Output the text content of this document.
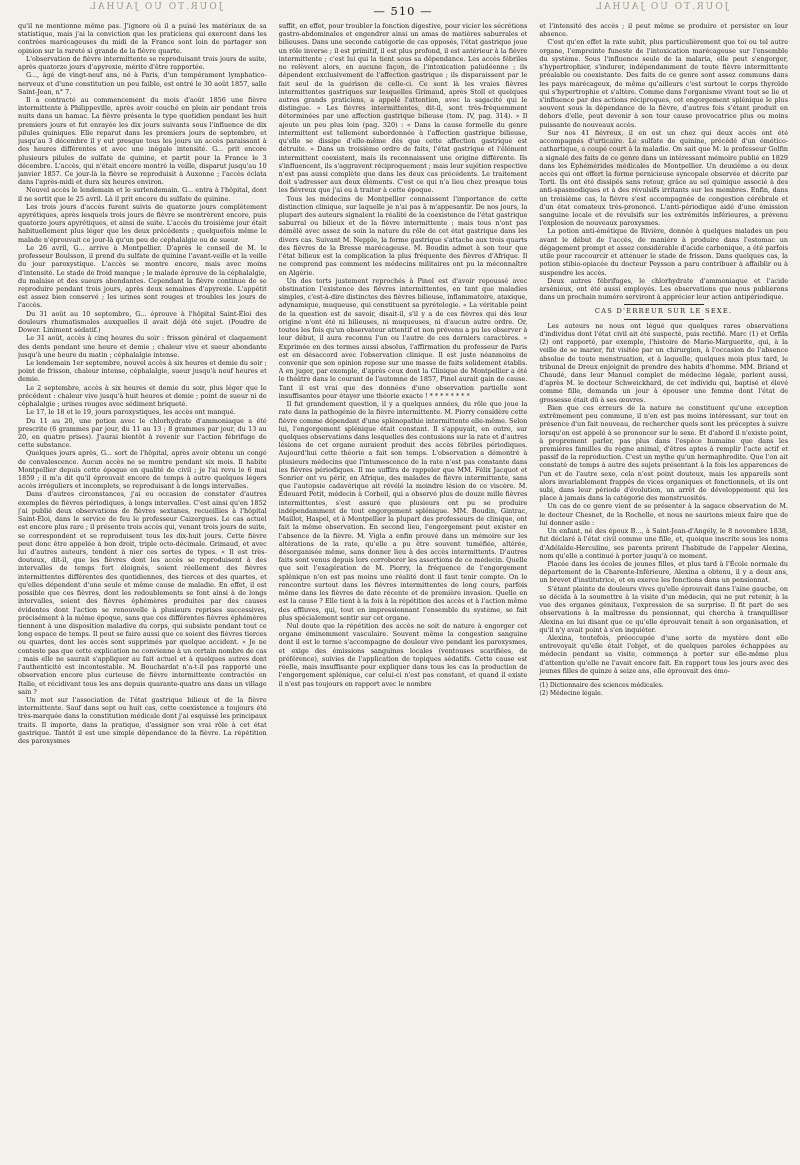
JOUR.TO UO JAUHAL	— 510 —	JOUR.TO UO JAUHAL

qu'il ne mentionne même pas. J'ignore où il a puisé les matériaux de sa statistique, mais j'ai la conviction que les praticiens qui exercent dans les contrées marécageuses du midi de la France sont loin de partager son opinion sur la rareté si grande de la fièvre quarte.

L'observation de fièvre intermittente se reproduisant trois jours de suite, après quatorze jours d'apyrexie, mérite d'être rapportée.

G..., âgé de vingt-neuf ans, né à Paris, d'un tempérament lymphatico-nerveux et d'une constitution un peu faible, est entré le 30 août 1857, salle Saint-Jean, n° 7.

Il a contracté au commencement du mois d'août 1856 une fièvre intermittente à Philippeville, après avoir couché en plein air pendant trois nuits dans un hamac. La fièvre présenta le type quotidien pendant les huit premiers jours et fut enrayée les dix jours suivants sous l'influence de dix pilules quiniques. Elle reparut dans les premiers jours de septembre, et jusqu'au 3 décembre il y eut presque tous les jours un accès paraissant à des heures différentes et avec une inégale intensité. G... prit encore plusieurs pilules de sulfate de quinine, et partit pour la France le 3 décembre. L'accès, qui n'était encore montré la veille, disparut jusqu'au 10 janvier 1857. Ce jour-là la fièvre se reproduisit à Auxonne ; l'accès éclata dans l'après-midi et dura six heures environ.

Nouvel accès le lendemain et le surlendemain. G... entra à l'hôpital, dont il ne sortit que le 25 avril. Là il prit encore du sulfate de quinine.

Les trois jours d'accès furent suivis de quatorze jours complètement apyrétiques, après lesquels trois jours de fièvre se montrèrent encore, puis quatorze jours apyrétiques, et ainsi de suite. L'accès du troisième jour était habituellement plus léger que les deux précédents ; quelquefois même le malade n'éprouvait ce jour-là qu'un peu de céphalalgie ou de sueur.

Le 26 avril, G... arrive à Montpellier. D'après le conseil de M. le professeur Boulsson, il prend du sulfate de quinine l'avant-veille et la veille du jour paroxystique. L'accès se montre encore, mais avec moins d'intensité. Le stade de froid manque ; le malade éprouve de la céphalalgie, du malaise et des sueurs abondantes. Cependant la fièvre continue de se reproduire pendant trois jours, après deux semaines d'apyrexie. L'appétit est assez bien conservé ; les urines sont rouges et troubles les jours de l'accès.

Du 31 août au 10 septembre, G... éprouve à l'hôpital Saint-Éloi des douleurs rhumatismales auxquelles il avait déjà été sujet. (Poudre de Dower. Liniment sédatif.)

Le 31 août, accès à cinq heures du soir : frisson général et claquement des dents pendant une heure et demie ; chaleur vive et sueur abondante jusqu'à une heure du matin ; céphalalgie intense.

Le lendemain 1er septembre, nouvel accès à six heures et demie du soir ; point de frisson, chaleur intense, céphalalgie, sueur jusqu'à neuf heures et demie.

Le 2 septembre, accès à six heures et demie du soir, plus léger que le précédent : chaleur vive jusqu'à huit heures et demie ; point de sueur ni de céphalalgie ; urines rouges avec sédiment briqueté.

Le 17, le 18 et le 19, jours paroxystiques, les accès ont manqué.

Du 11 au 20, une potion avec le chlorhydrate d'ammoniaque a été prescrite (6 grammes par jour, du 11 au 13 ; 8 grammes par jour, du 13 au 20, en quatre prises). J'aurai bientôt à revenir sur l'action fébrifuge de cette substance.

Quelques jours après, G... sort de l'hôpital, après avoir obtenu un congé de convalescence. Aucun accès ne se montre pendant six mois. Il habite Montpellier depuis cette époque en qualité de civil ; je l'ai revu le 6 mai 1859 ; il m'a dit qu'il éprouvait encore de temps à autre quelques légers accès irréguliers et incomplets, se reproduisant à de longs intervalles.

Dans d'autres circonstances, j'ai eu occasion de constater d'autres exemples de fièvres périodiques, à longs intervalles. C'est ainsi qu'en 1852 j'ai publié deux observations de fièvres sextanes, recueillies à l'hôpital Saint-Éloi, dans le service de feu le professeur Caizergues. Le cas actuel est encore plus rare ; il présente trois accès qui, venant trois jours de suite, se correspondent et se reproduisent tous les dix-huit jours. Cette fièvre peut donc être appelée à bon droit, triple octo-décimale. Grimaud, et avec lui d'autres auteurs, tendent à nier ces sortes de types. « Il est très-douteux, dit-il, que les fièvres dont les accès se reproduisent à des intervalles de temps fort éloignés, soient réellement des fièvres intermittentes différentes des quotidiennes, des tierces et des quartes, et qu'elles dépendent d'une seule et même cause de maladie. En effet, il est possible que ces fièvres, dont les redoublements se font ainsi à de longs intervalles, soient des fièvres éphémères produites par des causes évidentes dont l'action se renouvelle à plusieurs reprises successives, précisément à la même époque, sans que ces différentes fièvres éphémères tiennent à une disposition maladive du corps, qui subsiste pendant tout ce long espace de temps. Il peut se faire aussi que ce soient des fièvres tierces ou quartes, dont les accès sont supprimés par quelque accident. » Je ne conteste pas que cette explication ne convienne à un certain nombre de cas ; mais elle ne saurait s'appliquer au fait actuel et à quelques autres dont l'authenticité est incontestable. M. Bouchardat n'a-t-il pas rapporté une observation encore plus curieuse de fièvre intermittente contractée en Italie, et récidivant tous les ans depuis quarante-quatre ans dans un village sain ?

Un mot sur l'association de l'état gastrique bilieux et de la fièvre intermittente. Sauf dans sept ou huit cas, cette coexistence a toujours été très-marquée dans la constitution médicale dont j'ai esquissé les principaux traits. Il importe, dans la pratique, d'assigner son vrai rôle à cet état gastrique. Tantôt il est une simple dépendance de la fièvre. La répétition des paroxysmes

suffit, en effet, pour troubler la fonction digestive, pour vicier les sécrétions gastro-abdominales et engendrer ainsi un amas de matières saburrales et bilieuses. Dans une seconde catégorie de cas opposés, l'état gastrique joue un rôle inverse ; il est primitif, il est plus profond, il est antérieur à la fièvre intermittente ; c'est lui qui la tient sous sa dépendance. Les accès fébriles ne relèvent alors, en aucune façon, de l'intoxication paludéenne ; ils dépendent exclusivement de l'affection gastrique ; ils disparaissent par le fait seul de la guérison de celle-ci. Ce sont là les vraies fièvres intermittentes gastriques sur lesquelles Grimaud, après Stoll et quelques autres grands praticiens, a appelé l'attention, avec la sagacité qui le distingue. « Les fièvres intermittentes, dit-il, sont très-fréquemment déterminées par une affection gastrique bilieuse (tom. IV, pag. 314). » Il ajoute un peu plus loin (pag. 320) : « Dans la cause formelle du genre intermittent est tellement subordonnée à l'affection gastrique bilieuse, qu'elle se dissipe d'elle-même dès que cette affection gastrique est détruite. » Dans un troisième ordre de faits, l'état gastrique et l'élément intermittent coexistent, mais ils reconnaissent une origine différente. Ils s'influencent, ils s'aggravent réciproquement ; mais leur sujétion respective n'est pas aussi complète que dans les deux cas précédents. Le traitement doit s'adresser aux deux éléments. C'est ce qui n'a lieu chez presque tous les fiévreux que j'ai eu à traiter à cette époque.

Tous les médecins de Montpellier connaissent l'importance de cette distinction clinique, sur laquelle je n'ai pas à m'appesantir. De nos jours, la plupart des auteurs signalent la réalité de la coexistence de l'état gastrique saburral ou bilieux et de la fièvre intermittente ; mais tous n'ont pas démêlé avec assez de soin la nature du rôle de cet état gastrique dans les divers cas. Suivant M. Nepple, la forme gastrique s'attache aux trois quarts des fièvres de la Bresse marécageuse. M. Boudin admet à son tour que l'état bilieux est la complication la plus fréquente des fièvres d'Afrique. Il ne comprend pas comment les médecins militaires ont pu la méconnaître en Algérie.

Un des torts justement reprochés à Pinel est d'avoir repoussé avec obstination l'existence des fièvres intermittentes, en tant que maladies simples, c'est-à-dire distinctes des fièvres bilieuse, inflammatoire, ataxique, adynamique, muqueuse, qui constituent sa pyrétologie. « La véritable point de la question est de savoir, disait-il, s'il y a de ces fièvres qui dès leur origine n'ont été ni bilieuses, ni muqueuses, ni d'aucun autre ordre. Or, toutes les fois qu'un observateur attentif et non prévenu a pu les observer à leur début, il aura reconnu l'un ou l'autre de ces derniers caractères. » Exprimée en des termes aussi absolus, l'affirmation du professeur de Paris est en désaccord avec l'observation clinique. Il est juste néanmoins de convenir que son opinion repose sur une masse de faits solidement établis. A en juger, par exemple, d'après ceux dont la Clinique de Montpellier a été le théâtre dans le courant de l'automne de 1857, Pinel aurait gain de cause. Tant il est vrai que des données d'une observation partielle sont insuffisantes pour étayer une théorie exacte ! * * * * * * * *

Il fut grandement question, il y a quelques années, du rôle que joue la rate dans la pathogénie de la fièvre intermittente. M. Piorry considère cette fièvre comme dépendant d'une splénopathie intermittente elle-même. Selon lui, l'engorgement splénique était constant. Il s'appuyait, en outre, sur quelques observations dans lesquelles des contusions sur la rate et d'autres lésions de cet organe auraient produit des accès fébriles périodiques. Aujourd'hui cette théorie a fait son temps. L'observation a démontré à plusieurs médecins que l'intumescence de la rate n'est pas constante dans les fièvres périodiques. Il me suffira de rappeler que MM. Félix Jacquot et Sonrier ont vu périr, en Afrique, des malades de fièvre intermittente, sans que l'autopsie cadavérique ait révélé la moindre lésion de ce viscère. M. Édouard Petit, médecin à Corbeil, qui a observé plus de douze mille fièvres intermittentes, s'est assuré que plusieurs ont pu se produire indépendamment de tout engorgement splénique. MM. Boudin, Gintrac, Maillot, Haspel, et à Montpellier la plupart des professeurs de clinique, ont fait la même observation. En second lieu, l'engorgement peut exister en l'absence de la fièvre. M. Vigla a enfin prouvé dans un mémoire sur les altérations de la rate, qu'elle a pu être souvent tuméfiée, altérée, désorganisée même, sans donner lieu à des accès intermittents. D'autres faits sont venus depuis lors corroborer les assertions de ce médecin. Quelle que soit l'exagération de M. Piorry, la fréquence de l'engorgement splénique n'en est pas moins une réalité dont il faut tenir compte. On le rencontre surtout dans les fièvres intermittentes de long cours, parfois même dans les fièvres de date récente et de première invasion. Quelle en est la cause ? Elle tient à la fois à la répétition des accès et à l'action même des effluves, qui, tout en impressionnant l'ensemble du système, se fait plus spécialement sentir sur cet organe.

Nul doute que la répétition des accès ne soit de nature à engorger cet organe éminemment vasculaire. Souvent même la congestion sanguine dont il est le terme s'accompagne de douleur vive pendant les paroxysmes, et exige des émissions sanguines locales (ventouses scarifiées, de préférence), suivies de l'application de topiques sédatifs. Cette cause est réelle, mais insuffisante pour expliquer dans tous les cas la production de l'engorgement splénique, car celui-ci n'est pas constant, et quand il existe il n'est pas toujours en rapport avec le nombre

et l'intensité des accès ; il peut même se produire et persister en leur absence.

C'est qu'en effet la rate subit, plus particulièrement que toi ou tel autre organe, l'empreinte funeste de l'intoxication marécageuse sur l'ensemble du système. Sous l'influence seule de la malaria, elle peut s'engorger, s'hypertrophier, s'indurer, indépendamment de toute fièvre intermittente préalable ou coexistante. Des faits de ce genre sont assez communs dans les pays marécageux, de même qu'ailleurs c'est surtout le corps thyroïde qui s'hypertrophie et s'altère. Comme dans l'organisme vivant tout se lie et s'influence par des actions réciproques, cet engorgement splénique le plus souvent sous la dépendance de la fièvre, d'autres fois s'étant produit en dehors d'elle, peut devenir à son tour cause provocatrice plus ou moins puissante de nouveaux accès.

Sur nos 41 fiévreux, il en est un chez qui deux accès ont été accompagnés d'urticaire. Le sulfate de quinine, précédé d'un émético-cathartique, a coupé court à la maladie. On sait que M. le professeur Golfin a signalé des faits de ce genre dans un intéressant mémoire publié en 1829 dans les Éphémérides médicales de Montpellier. Un deuxième a eu deux accès qui ont offert la forme pernicieuse syncopale observée et décrite par Torti. Ils ont été dissipés sans retour, grâce au sel quinique associé à des anti-spasmodiques et à des révulsifs irritants sur les membres. Enfin, dans un troisième cas, la fièvre s'est accompagnée de congestion cérébrale et d'un état comateux très-prononcé. L'anti-périodique aidé d'une émission sanguine locale et de révulsifs sur les extrémités inférieures, a prévenu l'explosion de nouveaux paroxysmes.

La potion anti-émétique de Rivière, donnée à quelques malades un peu avant le début de l'accès, de manière à produire dans l'estomac un dégagement prompt et assez considérable d'acide carbonique, a été parfois utile pour raccourcir et atténuer le stade de frisson. Dans quelques cas, la potion stibio-opiacée du docteur Peysson a paru contribuer à affaiblir ou à suspendre les accès.

Deux autres fébrifuges, le chlorhydrate d'ammoniaque et l'acide arsénieux, ont été aussi employés. Les observations que nous publierons dans un prochain numéro serviront à apprécier leur action antipériodique.

CAS D'ERREUR SUR LE SEXE.

Les auteurs ne nous ont légué que quelques rares observations d'individus dont l'état civil ait été suspecté, puis rectifié. Marc (1) et Orfila (2) ont rapporté, par exemple, l'histoire de Marie-Marguerite, qui, à la veille de se marier, fut visitée par un chirurgien, à l'occasion de l'absence absolue de toute menstruation, et à laquelle, quelques mois plus tard, le tribunal de Dreux enjoignit de prendre des habits d'homme. MM. Briand et Chaudé, dans leur Manuel complet de médecine légale, parlent aussi, d'après M. le docteur Schweickhard, de cet individu qui, baptisé et élevé comme fille, demanda un jour à épouser une femme dont l'état de grossesse était dû à ses œuvres.

Bien que ces erreurs de la nature ne constituent qu'une exception extrêmement peu commune, il n'en est pas moins intéressant, sur tout en présence d'un fait nouveau, de rechercher quels sont les préceptes à suivre lorsqu'on est appelé à se prononcer sur le sexe. Et d'abord il n'existe point, à proprement parler, pas plus dans l'espèce humaine que dans les premières familles du règne animal, d'êtres aptes à remplir l'acte actif et passif de la reproduction. C'est un mythe qu'un hermaphrodite. Que l'on ait constaté de temps à autre des sujets présentant à la fois les apparences de l'un et de l'autre sexe, cela n'est point douteux, mais les appareils sont alors invariablement frappés de vices organiques et fonctionnels, et ils ont subi, dans leur période d'évolution, un arrêt de développement qui les place à jamais dans la catégorie des monstruosités.

Un cas de ce genre vient de se présenter à la sagace observation de M. le docteur Chesnet, de la Rochelle, et nous ne saurions mieux faire que de lui donner asile :

Un enfant, né des époux B..., à Saint-Jean-d'Angély, le 8 novembre 1838, fut déclaré à l'état civil comme une fille, et, quoique inscrite sous les noms d'Adélaïde-Herculine, ses parents prirent l'habitude de l'appeler Alexina, nom qu'elle a continué à porter jusqu'à ce moment.

Placée dans les écoles de jeunes filles, et plus tard à l'École normale du département de la Charente-Inférieure, Alexina a obtenu, il y a deux ans, un brevet d'institutrice, et en exerce les fonctions dans un pensionnat.

S'étant plainte de douleurs vives qu'elle éprouvait dans l'aine gauche, on se décida à la soumettre à la visite d'un médecin, qui ne put retenir, à la vue des organes génitaux, l'expression de sa surprise. Il fit part de ses observations à la maîtresse du pensionnat, qui chercha à tranquilliser Alexina en lui disant que ce qu'elle éprouvait tenait à son organisation, et qu'il n'y avait point à s'en inquiéter.

Alexina, toutefois, préoccupée d'une sorte de mystère dont elle entrevoyait qu'elle était l'objet, et de quelques paroles échappées au médecin pendant sa visite, commença à porter sur elle-même plus d'attention qu'elle ne l'avait encore fait. En rapport tous les jours avec des jeunes filles de quinze à seize ans, elle éprouvait des émo-

(1) Dictionnaire des sciences médicales.

(2) Médecine légale.
